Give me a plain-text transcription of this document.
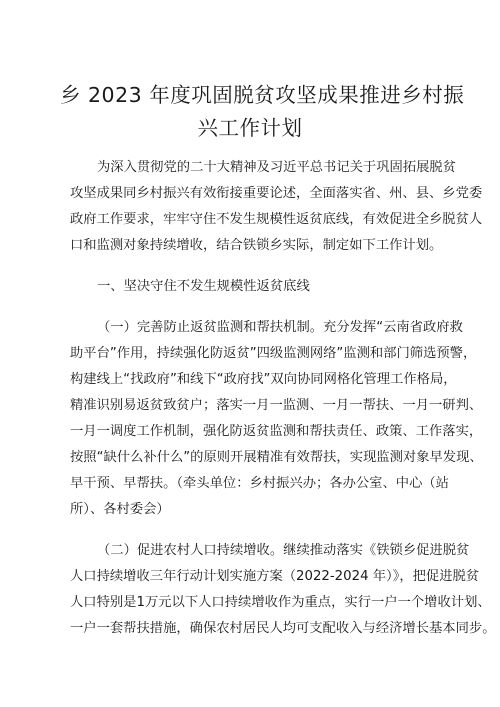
乡 2023 年度巩固脱贫攻坚成果推进乡村振
兴工作计划
为深入贯彻党的二十大精神及习近平总书记关于巩固拓展脱贫
攻坚成果同乡村振兴有效衔接重要论述，全面落实省、州、县、乡党委
政府工作要求，牢牢守住不发生规模性返贫底线，有效促进全乡脱贫人
口和监测对象持续增收，结合铁锁乡实际，制定如下工作计划。
一、坚决守住不发生规模性返贫底线
（一）完善防止返贫监测和帮扶机制。充分发挥“云南省政府救
助平台”作用，持续强化防返贫”四级监测网络”监测和部门筛选预警，
构建线上“找政府”和线下“政府找”双向协同网格化管理工作格局，
精准识别易返贫致贫户；落实一月一监测、一月一帮扶、一月一研判、
一月一调度工作机制，强化防返贫监测和帮扶责任、政策、工作落实，
按照“缺什么补什么”的原则开展精准有效帮扶，实现监测对象早发现、
早干预、早帮扶。（牵头单位：乡村振兴办；各办公室、中心（站
所）、各村委会）
（二）促进农村人口持续增收。继续推动落实《铁锁乡促进脱贫
人口持续增收三年行动计划实施方案（2022-2024 年）》，把促进脱贫
人口特别是1万元以下人口持续增收作为重点，实行一户一个增收计划、
一户一套帮扶措施，确保农村居民人均可支配收入与经济增长基本同步。
